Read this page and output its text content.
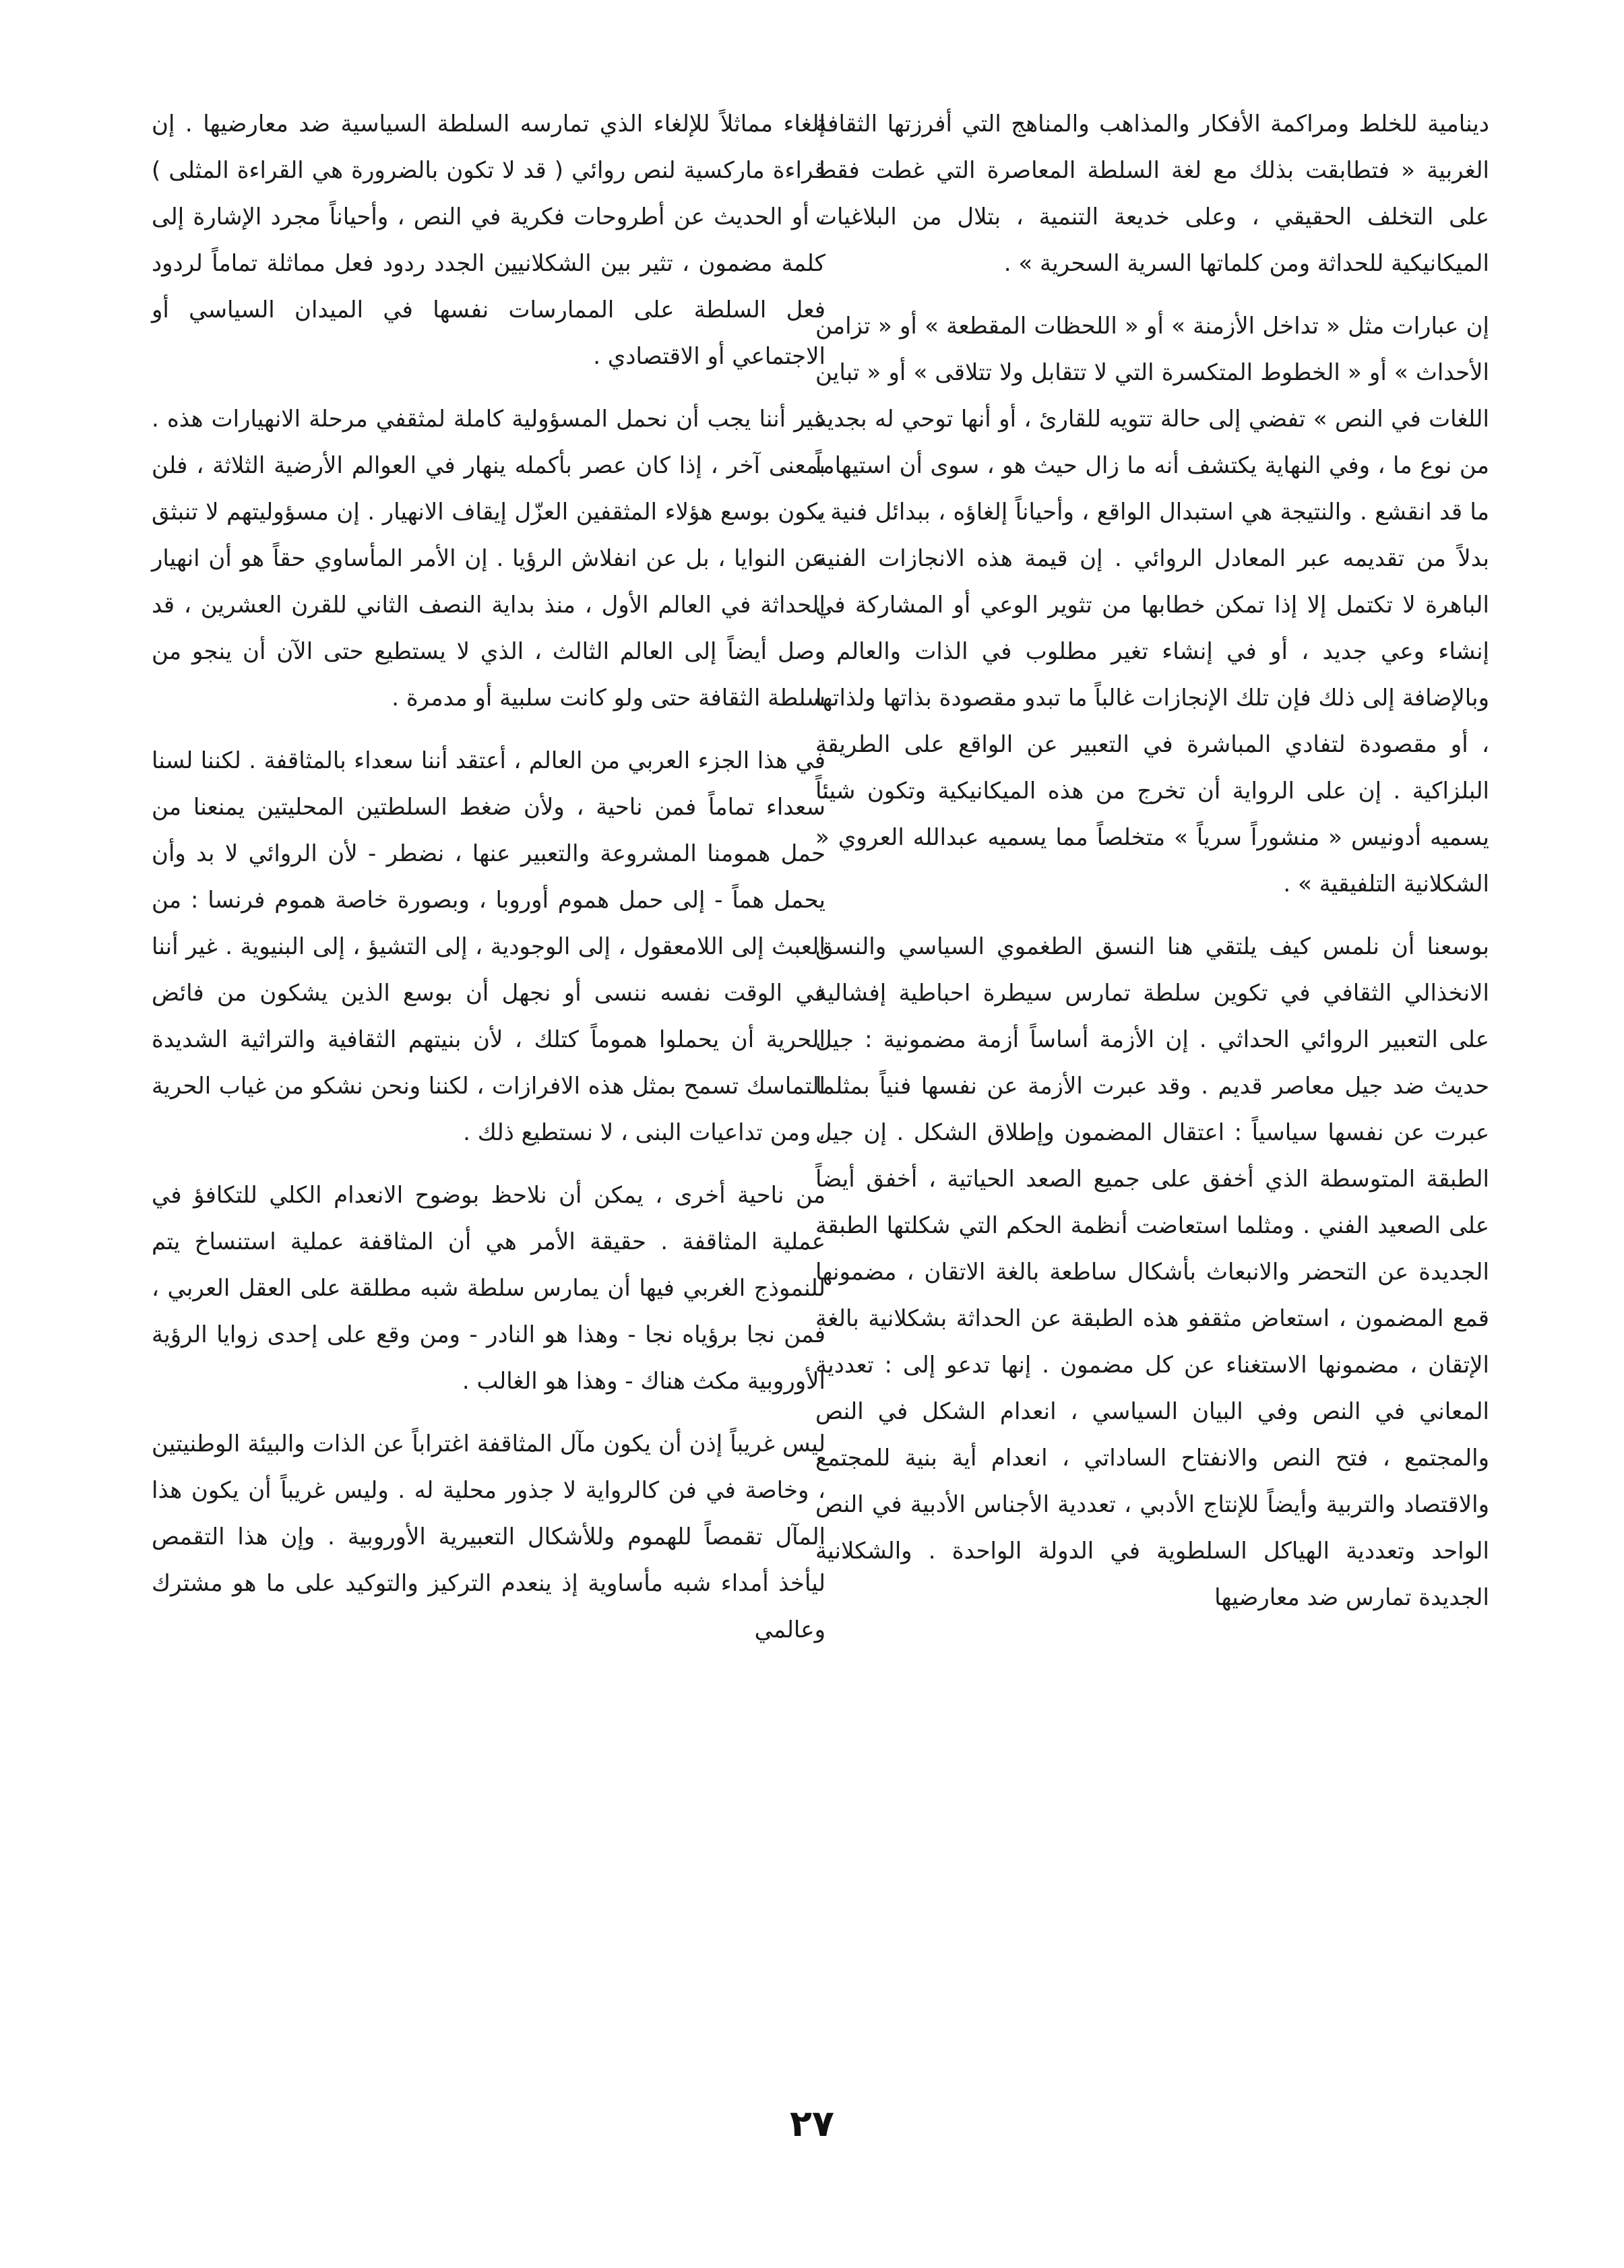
دينامية للخلط ومراكمة الأفكار والمذاهب والمناهج التي أفرزتها الثقافة الغربية « فتطابقت بذلك مع لغة السلطة المعاصرة التي غطت فقط على التخلف الحقيقي ، وعلى خديعة التنمية ، بتلال من البلاغيات الميكانيكية للحداثة ومن كلماتها السرية السحرية » .

إن عبارات مثل « تداخل الأزمنة » أو « اللحظات المقطعة » أو « تزامن الأحداث » أو « الخطوط المتكسرة التي لا تتقابل ولا تتلاقى » أو « تباين اللغات في النص » تفضي إلى حالة تتويه للقارئ ، أو أنها توحي له بجديد من نوع ما ، وفي النهاية يكتشف أنه ما زال حيث هو ، سوى أن استيهاماً ما قد انقشع . والنتيجة هي استبدال الواقع ، وأحياناً إلغاؤه ، ببدائل فنية ، بدلاً من تقديمه عبر المعادل الروائي . إن قيمة هذه الانجازات الفنية الباهرة لا تكتمل إلا إذا تمكن خطابها من تثوير الوعي أو المشاركة في إنشاء وعي جديد ، أو في إنشاء تغير مطلوب في الذات والعالم . وبالإضافة إلى ذلك فإن تلك الإنجازات غالباً ما تبدو مقصودة بذاتها ولذاتها ، أو مقصودة لتفادي المباشرة في التعبير عن الواقع على الطريقة البلزاكية . إن على الرواية أن تخرج من هذه الميكانيكية وتكون شيئاً يسميه أدونيس « منشوراً سرياً » متخلصاً مما يسميه عبدالله العروي « الشكلانية التلفيقية » .

بوسعنا أن نلمس كيف يلتقي هنا النسق الطغموي السياسي والنسق الانخذالي الثقافي في تكوين سلطة تمارس سيطرة احباطية إفشالية على التعبير الروائي الحداثي . إن الأزمة أساساً أزمة مضمونية : جيل حديث ضد جيل معاصر قديم . وقد عبرت الأزمة عن نفسها فنياً بمثلما عبرت عن نفسها سياسياً : اعتقال المضمون وإطلاق الشكل . إن جيل الطبقة المتوسطة الذي أخفق على جميع الصعد الحياتية ، أخفق أيضاً على الصعيد الفني . ومثلما استعاضت أنظمة الحكم التي شكلتها الطبقة الجديدة عن التحضر والانبعاث بأشكال ساطعة بالغة الاتقان ، مضمونها قمع المضمون ، استعاض مثقفو هذه الطبقة عن الحداثة بشكلانية بالغة الإتقان ، مضمونها الاستغناء عن كل مضمون . إنها تدعو إلى : تعددية المعاني في النص وفي البيان السياسي ، انعدام الشكل في النص والمجتمع ، فتح النص والانفتاح الساداتي ، انعدام أية بنية للمجتمع والاقتصاد والتربية وأيضاً للإنتاج الأدبي ، تعددية الأجناس الأدبية في النص الواحد وتعددية الهياكل السلطوية في الدولة الواحدة . والشكلانية الجديدة تمارس ضد معارضيها

إلغاء مماثلاً للإلغاء الذي تمارسه السلطة السياسية ضد معارضيها . إن قراءة ماركسية لنص روائي ( قد لا تكون بالضرورة هي القراءة المثلى ) ، أو الحديث عن أطروحات فكرية في النص ، وأحياناً مجرد الإشارة إلى كلمة مضمون ، تثير بين الشكلانيين الجدد ردود فعل مماثلة تماماً لردود فعل السلطة على الممارسات نفسها في الميدان السياسي أو الاجتماعي أو الاقتصادي .

غير أننا يجب أن نحمل المسؤولية كاملة لمثقفي مرحلة الانهيارات هذه . بمعنى آخر ، إذا كان عصر بأكمله ينهار في العوالم الأرضية الثلاثة ، فلن يكون بوسع هؤلاء المثقفين العزّل إيقاف الانهيار . إن مسؤوليتهم لا تنبثق عن النوايا ، بل عن انفلاش الرؤيا . إن الأمر المأساوي حقاً هو أن انهيار الحداثة في العالم الأول ، منذ بداية النصف الثاني للقرن العشرين ، قد وصل أيضاً إلى العالم الثالث ، الذي لا يستطيع حتى الآن أن ينجو من سلطة الثقافة حتى ولو كانت سلبية أو مدمرة .

في هذا الجزء العربي من العالم ، أعتقد أننا سعداء بالمثاقفة . لكننا لسنا سعداء تماماً فمن ناحية ، ولأن ضغط السلطتين المحليتين يمنعنا من حمل همومنا المشروعة والتعبير عنها ، نضطر - لأن الروائي لا بد وأن يحمل هماً - إلى حمل هموم أوروبا ، وبصورة خاصة هموم فرنسا : من العبث إلى اللامعقول ، إلى الوجودية ، إلى التشيؤ ، إلى البنيوية . غير أننا في الوقت نفسه ننسى أو نجهل أن بوسع الذين يشكون من فائض الحرية أن يحملوا هموماً كتلك ، لأن بنيتهم الثقافية والتراثية الشديدة التماسك تسمح بمثل هذه الافرازات ، لكننا ونحن نشكو من غياب الحرية ، ومن تداعيات البنى ، لا نستطيع ذلك .

من ناحية أخرى ، يمكن أن نلاحظ بوضوح الانعدام الكلي للتكافؤ في عملية المثاقفة . حقيقة الأمر هي أن المثاقفة عملية استنساخ يتم للنموذج الغربي فيها أن يمارس سلطة شبه مطلقة على العقل العربي ، فمن نجا برؤياه نجا - وهذا هو النادر - ومن وقع على إحدى زوايا الرؤية الأوروبية مكث هناك - وهذا هو الغالب .

ليس غريباً إذن أن يكون مآل المثاقفة اغتراباً عن الذات والبيئة الوطنيتين ، وخاصة في فن كالرواية لا جذور محلية له . وليس غريباً أن يكون هذا المآل تقمصاً للهموم وللأشكال التعبيرية الأوروبية . وإن هذا التقمص ليأخذ أمداء شبه مأساوية إذ ينعدم التركيز والتوكيد على ما هو مشترك وعالمي

٢٧
